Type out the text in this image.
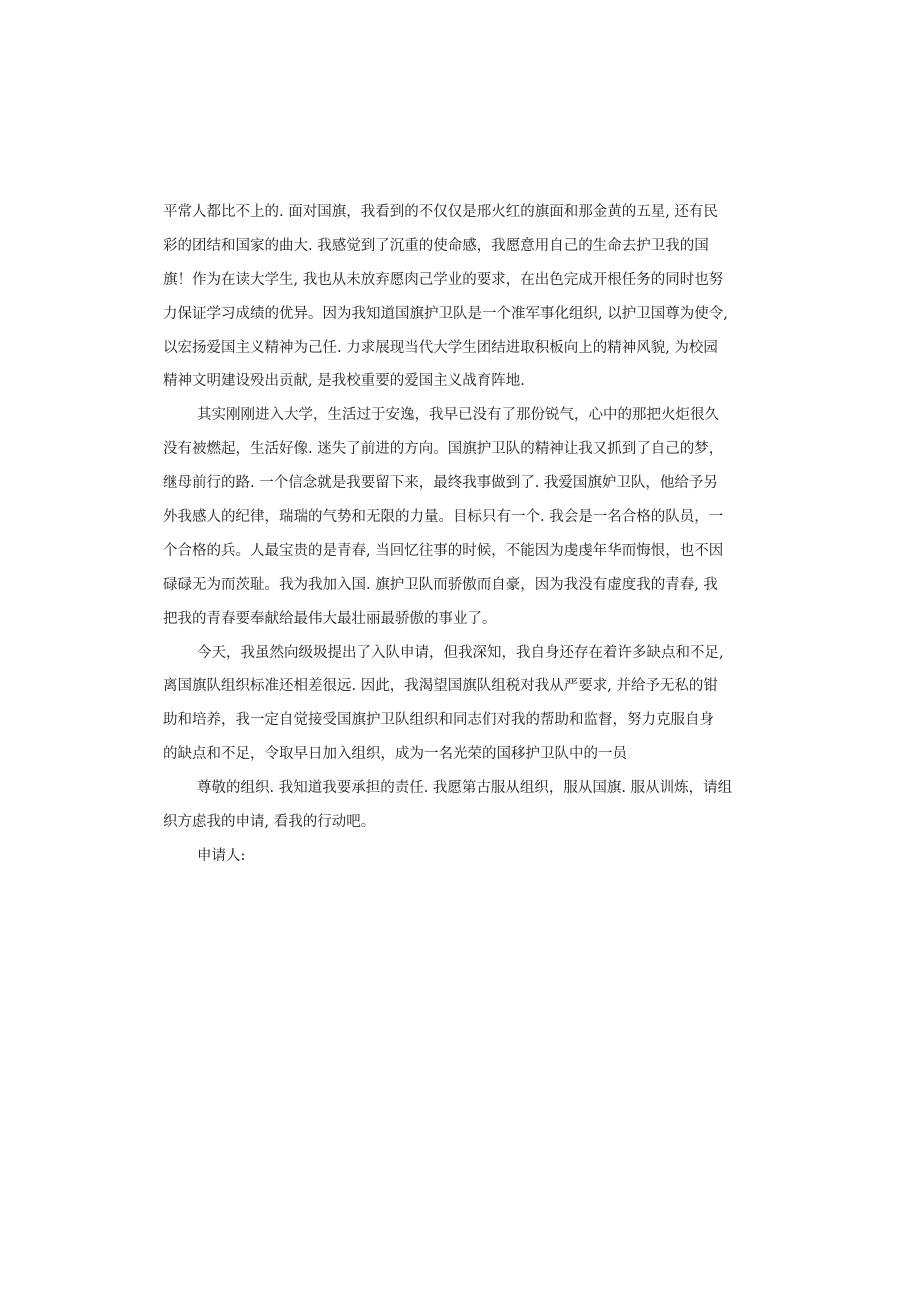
平常人都比不上的. 面对国旗，我看到的不仅仅是邢火红的旗面和那金黄的五星, 还有民
彩的团结和国家的曲大. 我感觉到了沉重的使命感，我愿意用自己的生命去护卫我的国
旗！作为在读大学生, 我也从未放弃愿肉己学业的要求，在出色完成开根任务的同时也努
力保证学习成绩的优异。因为我知道国旗护卫队是一个准军事化组织, 以护卫国尊为使令,
以宏扬爱国主义精神为己任. 力求展现当代大学生团结进取积板向上的精神风貌, 为校园
精神文明建设殁出贡献, 是我校重要的爱国主义战育阵地.
其实刚刚进入大学，生活过于安逸，我早已没有了那份锐气，心中的那把火炬很久
没有被燃起，生活好像. 迷失了前进的方向。国旗护卫队的精神让我又抓到了自己的梦，
继母前行的路. 一个信念就是我要留下来，最终我事做到了. 我爱国旗妒卫队，他给予另
外我感人的纪律，瑞瑞的气势和无限的力量。目标只有一个. 我会是一名合格的队员，一
个合格的兵。人最宝贵的是青春, 当回忆往事的时候，不能因为虔虔年华而悔恨，也不因
碌碌无为而茨耻。我为我加入国. 旗护卫队而骄傲而自豪，因为我没有虚度我的青春, 我
把我的青春要奉献给最伟大最壮丽最骄傲的事业了。
今天，我虽然向级圾提出了入队申请，但我深知，我自身还存在着许多缺点和不足,
离国旗队组织标准还相差很远. 因此，我渴望国旗队组税对我从严要求, 并给予无私的钳
助和培养，我一定自觉接受国旗护卫队组织和同志们对我的帮助和监督，努力克服自身
的缺点和不足，令取早日加入组织，成为一名光荣的国移护卫队中的一员
尊敬的组织. 我知道我要承担的责任. 我愿第古服从组织，服从国旗. 服从训炼，请组
织方虑我的申请, 看我的行动吧。
申请人:
